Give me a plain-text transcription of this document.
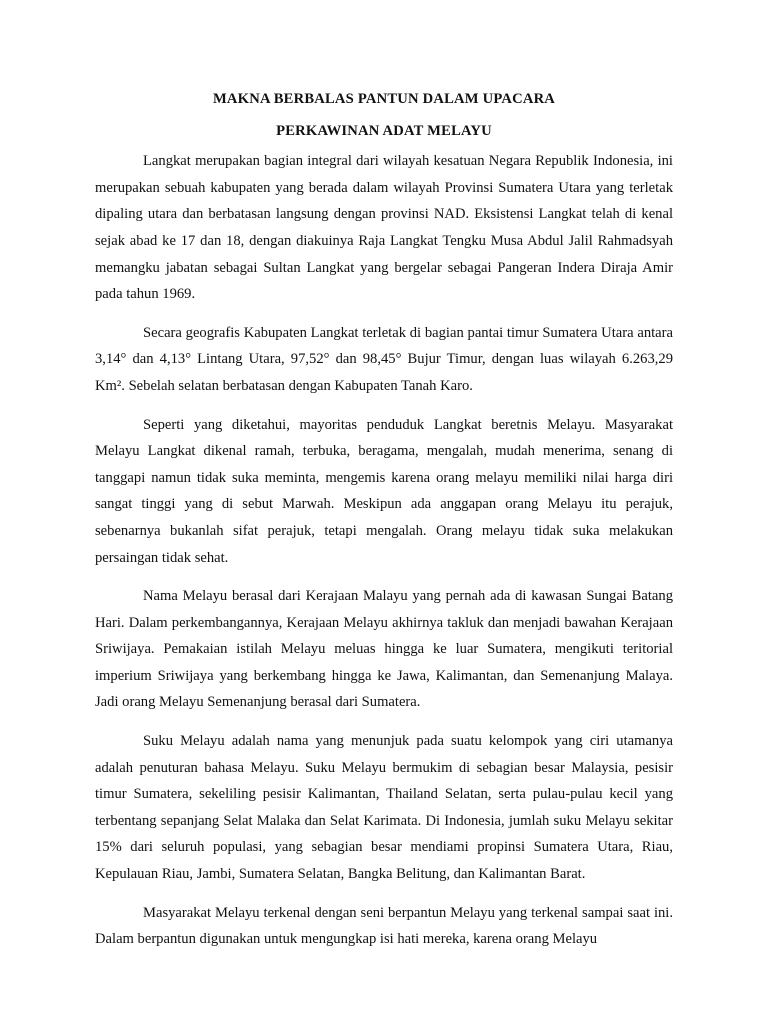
MAKNA BERBALAS PANTUN DALAM UPACARA

PERKAWINAN ADAT MELAYU

Langkat merupakan bagian integral dari wilayah kesatuan Negara Republik Indonesia, ini merupakan sebuah kabupaten yang berada dalam wilayah Provinsi Sumatera Utara yang terletak dipaling utara dan berbatasan langsung dengan provinsi NAD. Eksistensi Langkat telah di kenal sejak abad ke 17 dan 18, dengan diakuinya Raja Langkat Tengku Musa Abdul Jalil Rahmadsyah memangku jabatan sebagai Sultan Langkat yang bergelar sebagai Pangeran Indera Diraja Amir pada tahun 1969.

Secara geografis Kabupaten Langkat terletak di bagian pantai timur Sumatera Utara antara 3,14° dan 4,13° Lintang Utara, 97,52° dan 98,45° Bujur Timur, dengan luas wilayah 6.263,29 Km². Sebelah selatan berbatasan dengan Kabupaten Tanah Karo.

Seperti yang diketahui, mayoritas penduduk Langkat beretnis Melayu. Masyarakat Melayu Langkat dikenal ramah, terbuka, beragama, mengalah, mudah menerima, senang di tanggapi namun tidak suka meminta, mengemis karena orang melayu memiliki nilai harga diri sangat tinggi yang di sebut Marwah. Meskipun ada anggapan orang Melayu itu perajuk, sebenarnya bukanlah sifat perajuk, tetapi mengalah. Orang melayu tidak suka melakukan persaingan tidak sehat.

Nama Melayu berasal dari Kerajaan Malayu yang pernah ada di kawasan Sungai Batang Hari. Dalam perkembangannya, Kerajaan Melayu akhirnya takluk dan menjadi bawahan Kerajaan Sriwijaya. Pemakaian istilah Melayu meluas hingga ke luar Sumatera, mengikuti teritorial imperium Sriwijaya yang berkembang hingga ke Jawa, Kalimantan, dan Semenanjung Malaya. Jadi orang Melayu Semenanjung berasal dari Sumatera.

Suku Melayu adalah nama yang menunjuk pada suatu kelompok yang ciri utamanya adalah penuturan bahasa Melayu. Suku Melayu bermukim di sebagian besar Malaysia, pesisir timur Sumatera, sekeliling pesisir Kalimantan, Thailand Selatan, serta pulau-pulau kecil yang terbentang sepanjang Selat Malaka dan Selat Karimata. Di Indonesia, jumlah suku Melayu sekitar 15% dari seluruh populasi, yang sebagian besar mendiami propinsi Sumatera Utara, Riau, Kepulauan Riau, Jambi, Sumatera Selatan, Bangka Belitung, dan Kalimantan Barat.

Masyarakat Melayu terkenal dengan seni berpantun Melayu yang terkenal sampai saat ini. Dalam berpantun digunakan untuk mengungkap isi hati mereka, karena orang Melayu
